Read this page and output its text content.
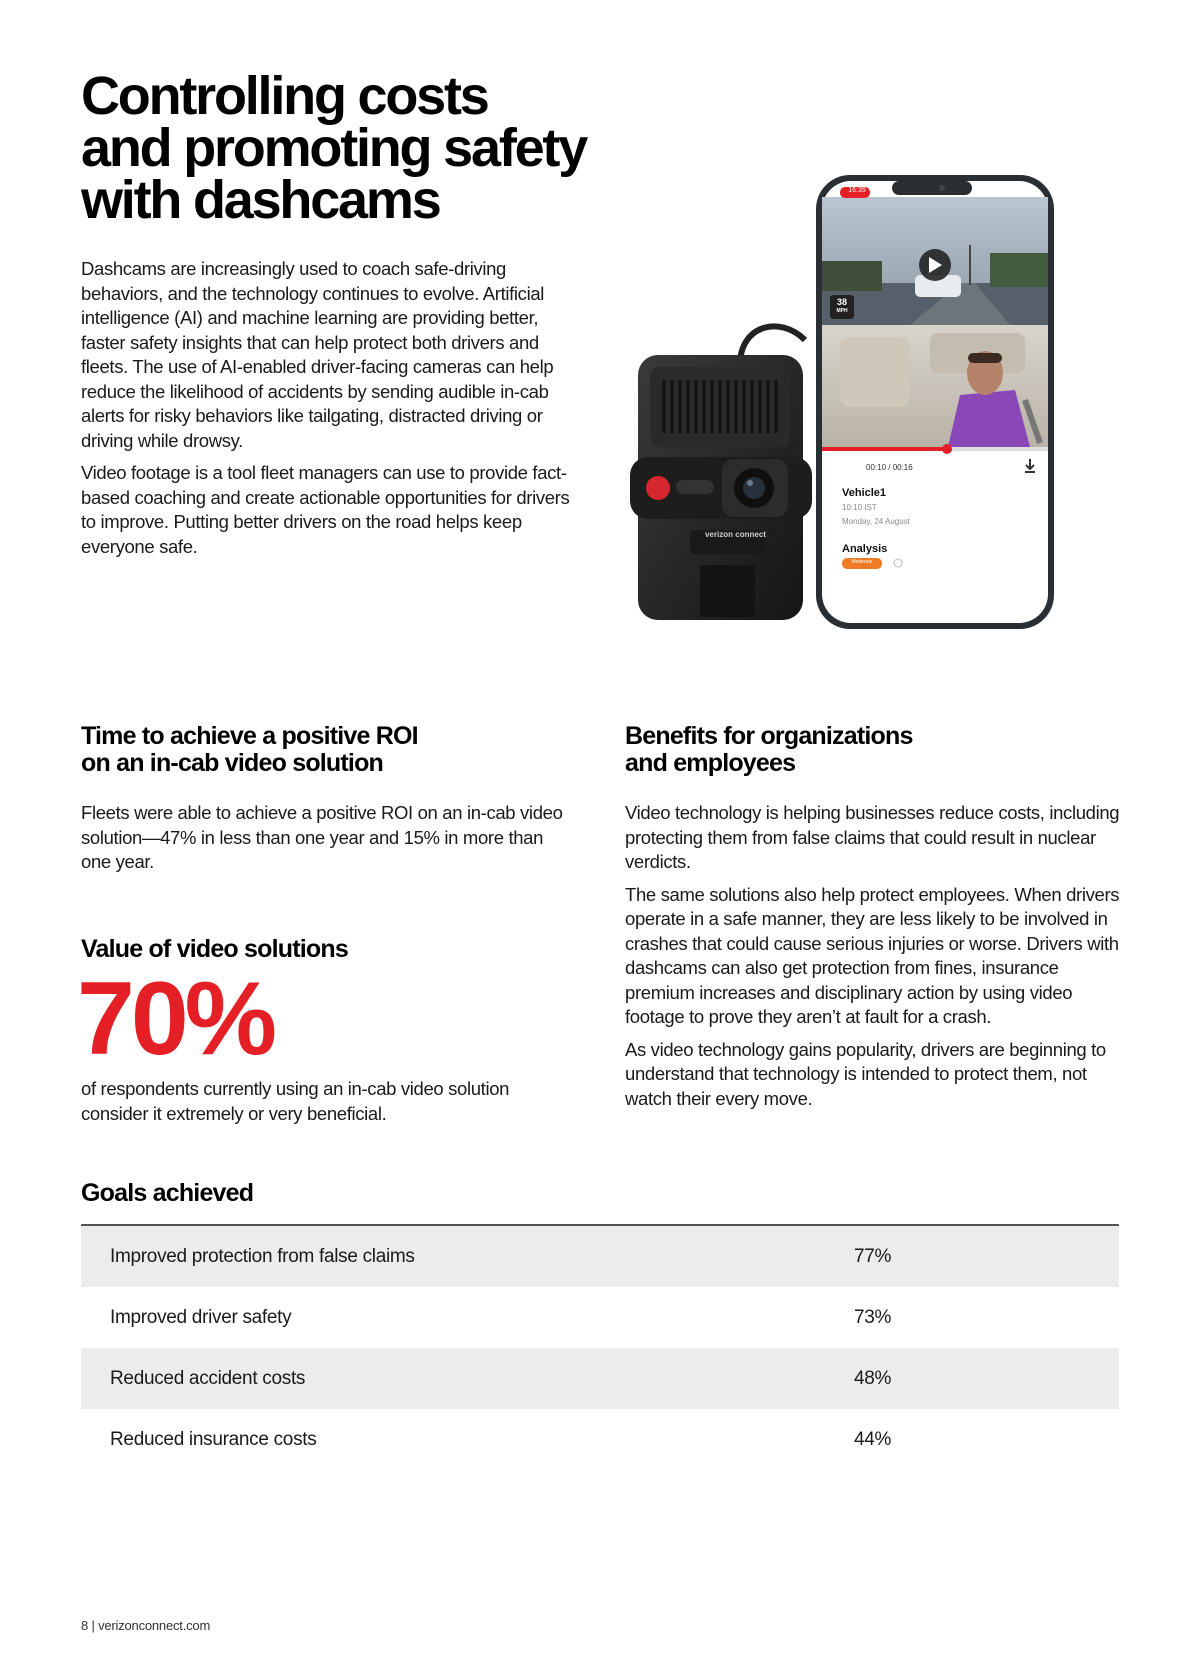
Controlling costs
and promoting safety
with dashcams

Dashcams are increasingly used to coach safe-driving behaviors, and the technology continues to evolve. Artificial intelligence (AI) and machine learning are providing better, faster safety insights that can help protect both drivers and fleets. The use of AI-enabled driver-facing cameras can help reduce the likelihood of accidents by sending audible in-cab alerts for risky behaviors like tailgating, distracted driving or driving while drowsy.

Video footage is a tool fleet managers can use to provide fact-based coaching and create actionable opportunities for drivers to improve. Putting better drivers on the road helps keep everyone safe.

16:35
38
MPH
00:10 / 00:16
Vehicle1
10:10 IST
Monday, 24 August
Analysis
Moderate
verizon connect
Time to achieve a positive ROI
on an in-cab video solution

Fleets were able to achieve a positive ROI on an in-cab video solution—47% in less than one year and 15% in more than one year.

Value of video solutions
70%

of respondents currently using an in-cab video solution consider it extremely or very beneficial.

Benefits for organizations
and employees

Video technology is helping businesses reduce costs, including protecting them from false claims that could result in nuclear verdicts.

The same solutions also help protect employees. When drivers operate in a safe manner, they are less likely to be involved in crashes that could cause serious injuries or worse. Drivers with dashcams can also get protection from fines, insurance premium increases and disciplinary action by using video footage to prove they aren’t at fault for a crash.

As video technology gains popularity, drivers are beginning to understand that technology is intended to protect them, not watch their every move.

Goals achieved
Improved protection from false claims	77%
Improved driver safety	73%
Reduced accident costs	48%
Reduced insurance costs	44%
8 | verizonconnect.com
